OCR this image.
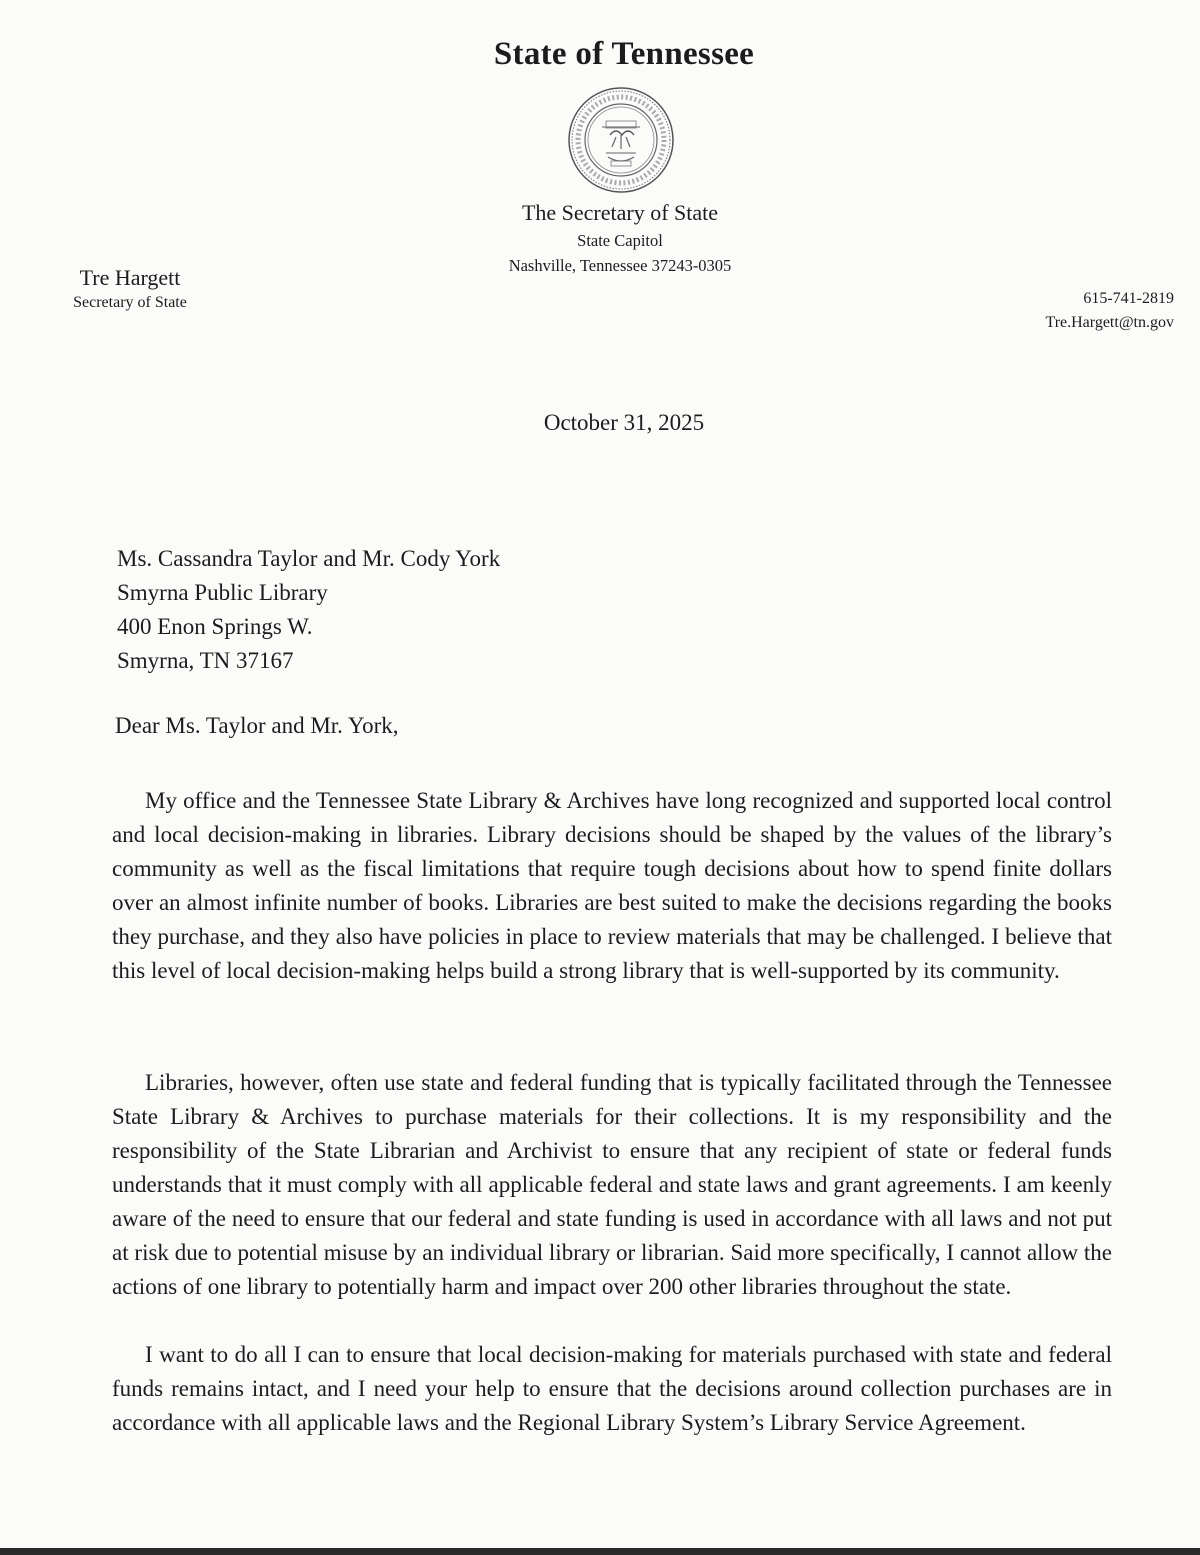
State of Tennessee
The Secretary of State
State Capitol
Nashville, Tennessee 37243-0305
Tre Hargett
Secretary of State	615-741-2819
Tre.Hargett@tn.gov
October 31, 2025
Ms. Cassandra Taylor and Mr. Cody York
Smyrna Public Library
400 Enon Springs W.
Smyrna, TN 37167
Dear Ms. Taylor and Mr. York,

My office and the Tennessee State Library & Archives have long recognized and supported local control and local decision-making in libraries. Library decisions should be shaped by the values of the library’s community as well as the fiscal limitations that require tough decisions about how to spend finite dollars over an almost infinite number of books. Libraries are best suited to make the decisions regarding the books they purchase, and they also have policies in place to review materials that may be challenged. I believe that this level of local decision-making helps build a strong library that is well-supported by its community.

Libraries, however, often use state and federal funding that is typically facilitated through the Tennessee State Library & Archives to purchase materials for their collections. It is my responsibility and the responsibility of the State Librarian and Archivist to ensure that any recipient of state or federal funds understands that it must comply with all applicable federal and state laws and grant agreements. I am keenly aware of the need to ensure that our federal and state funding is used in accordance with all laws and not put at risk due to potential misuse by an individual library or librarian. Said more specifically, I cannot allow the actions of one library to potentially harm and impact over 200 other libraries throughout the state.

I want to do all I can to ensure that local decision-making for materials purchased with state and federal funds remains intact, and I need your help to ensure that the decisions around collection purchases are in accordance with all applicable laws and the Regional Library System’s Library Service Agreement.
